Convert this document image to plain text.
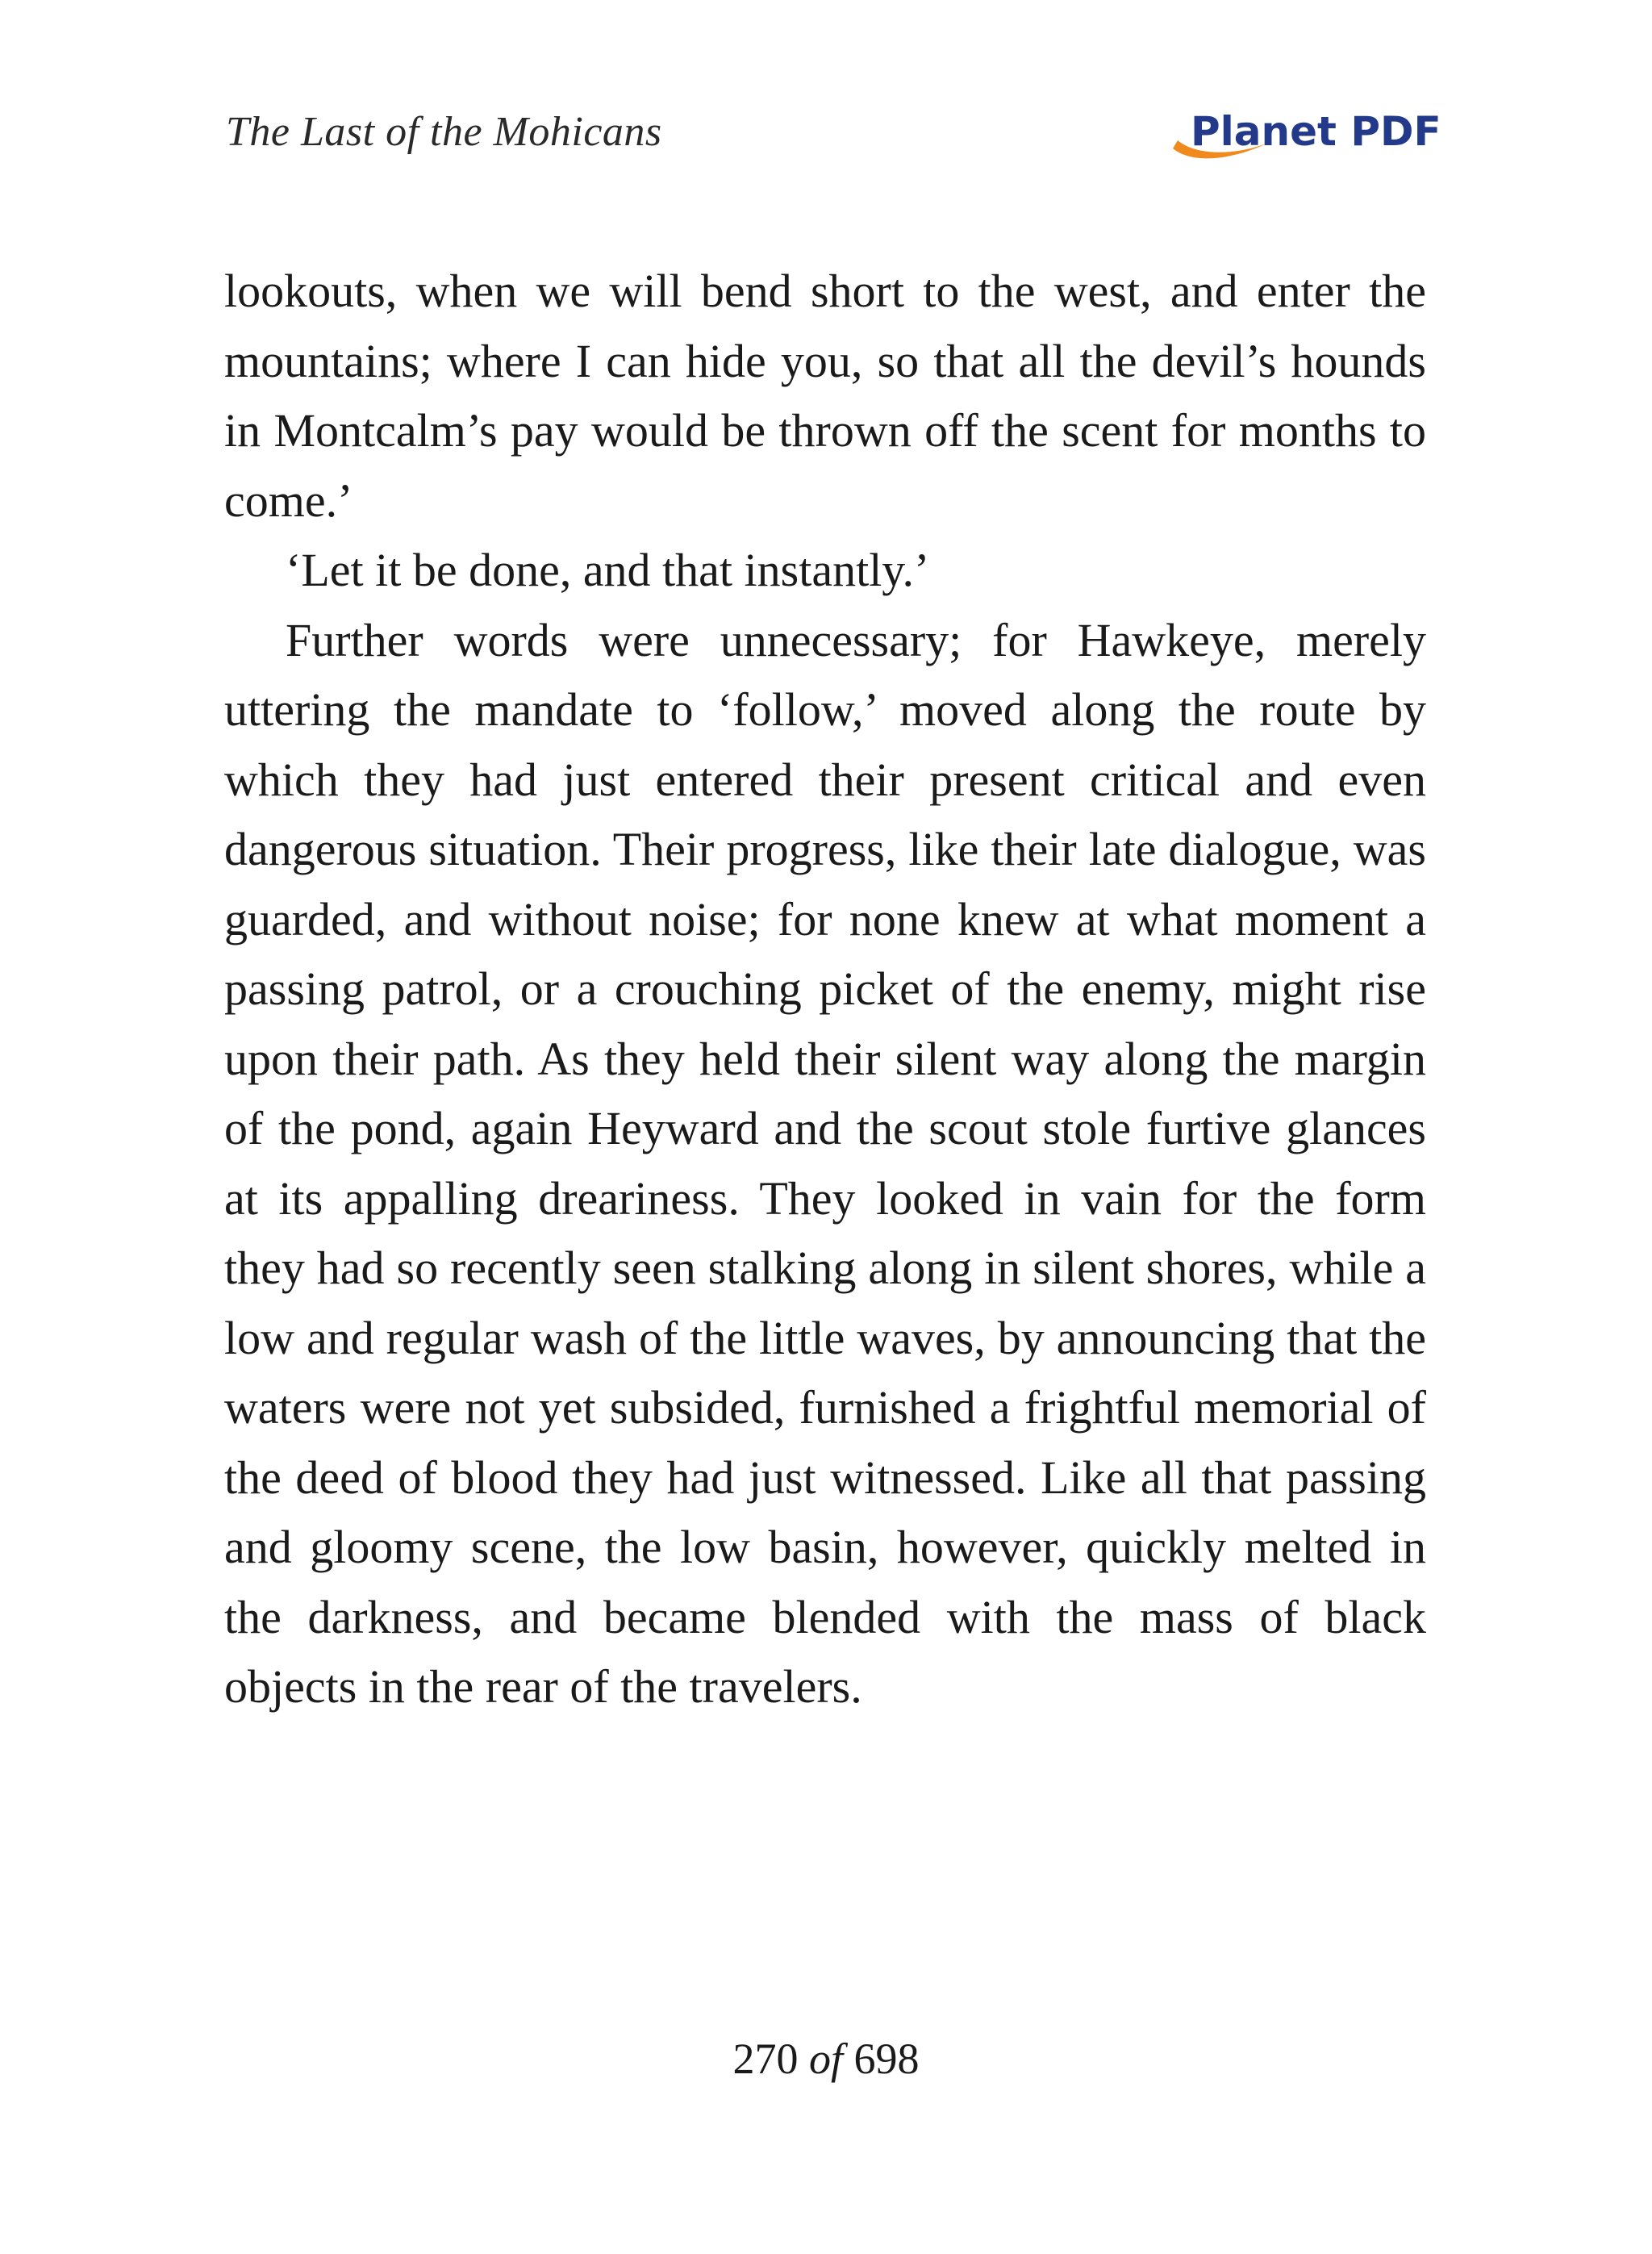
The Last of the Mohicans	Planet PDF

lookouts, when we will bend short to the west, and enter the mountains; where I can hide you, so that all the devil’s hounds in Montcalm’s pay would be thrown off the scent for months to come.’

‘Let it be done, and that instantly.’

Further words were unnecessary; for Hawkeye, merely uttering the mandate to ‘follow,’ moved along the route by which they had just entered their present critical and even dangerous situation. Their progress, like their late dialogue, was guarded, and without noise; for none knew at what moment a passing patrol, or a crouching picket of the enemy, might rise upon their path. As they held their silent way along the margin of the pond, again Heyward and the scout stole furtive glances at its appalling dreariness. They looked in vain for the form they had so recently seen stalking along in silent shores, while a low and regular wash of the little waves, by announcing that the waters were not yet subsided, furnished a frightful memorial of the deed of blood they had just witnessed. Like all that passing and gloomy scene, the low basin, however, quickly melted in the darkness, and became blended with the mass of black objects in the rear of the travelers.

270 of 698
